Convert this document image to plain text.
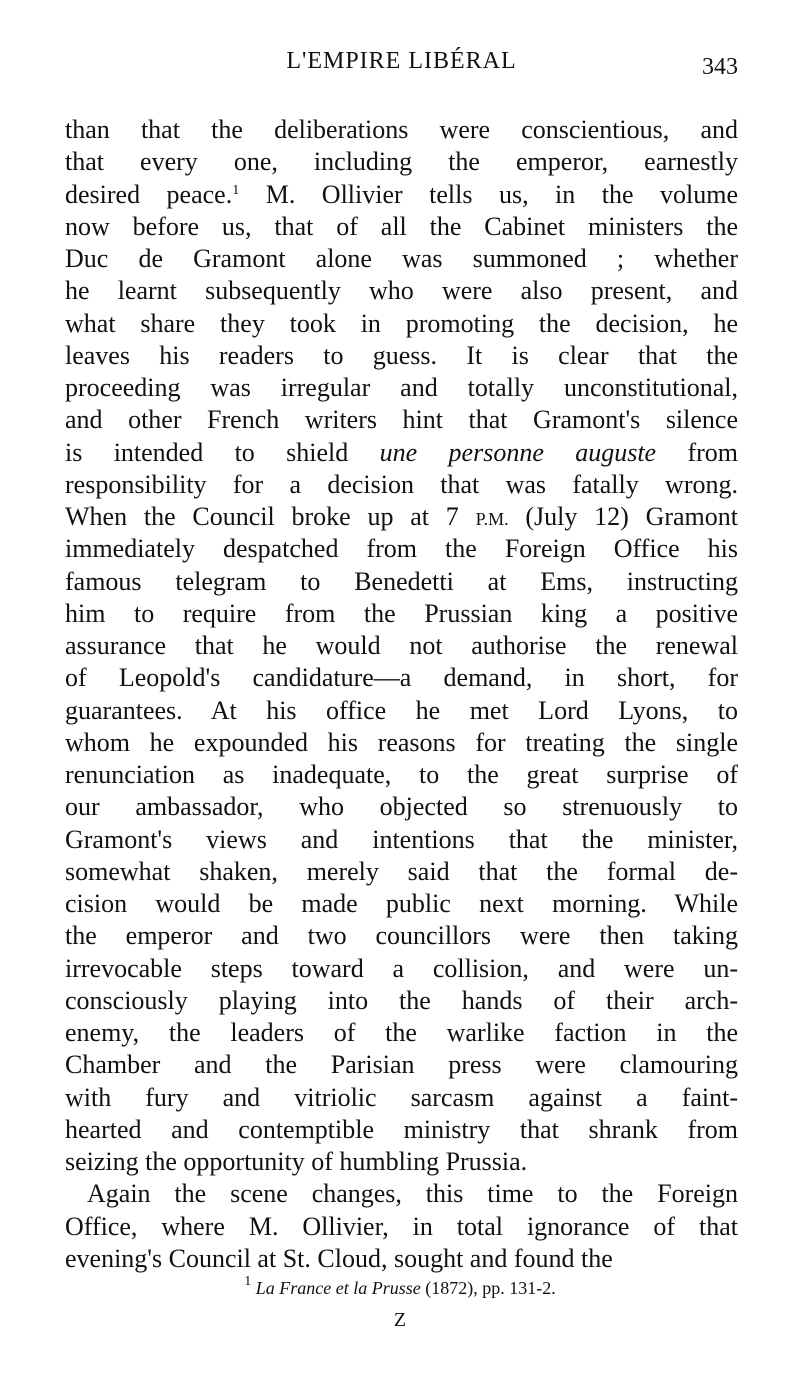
L'EMPIRE LIBÉRAL	343
than that the deliberations were conscientious, and
that every one, including the emperor, earnestly
desired peace.$^1$ M. Ollivier tells us, in the volume
now before us, that of all the Cabinet ministers the
Duc de Gramont alone was summoned ; whether
he learnt subsequently who were also present, and
what share they took in promoting the decision, he
leaves his readers to guess. It is clear that the
proceeding was irregular and totally unconstitutional,
and other French writers hint that Gramont's silence
is intended to shield une personne auguste from
responsibility for a decision that was fatally wrong.
When the Council broke up at 7 P.M. (July 12) Gramont
immediately despatched from the Foreign Office his
famous telegram to Benedetti at Ems, instructing
him to require from the Prussian king a positive
assurance that he would not authorise the renewal
of Leopold's candidature—a demand, in short, for
guarantees. At his office he met Lord Lyons, to
whom he expounded his reasons for treating the single
renunciation as inadequate, to the great surprise of
our ambassador, who objected so strenuously to
Gramont's views and intentions that the minister,
somewhat shaken, merely said that the formal de-
cision would be made public next morning. While
the emperor and two councillors were then taking
irrevocable steps toward a collision, and were un-
consciously playing into the hands of their arch-
enemy, the leaders of the warlike faction in the
Chamber and the Parisian press were clamouring
with fury and vitriolic sarcasm against a faint-
hearted and contemptible ministry that shrank from
seizing the opportunity of humbling Prussia.
Again the scene changes, this time to the Foreign
Office, where M. Ollivier, in total ignorance of that
evening's Council at St. Cloud, sought and found the
$^1$ La France et la Prusse (1872), pp. 131-2.
Z
